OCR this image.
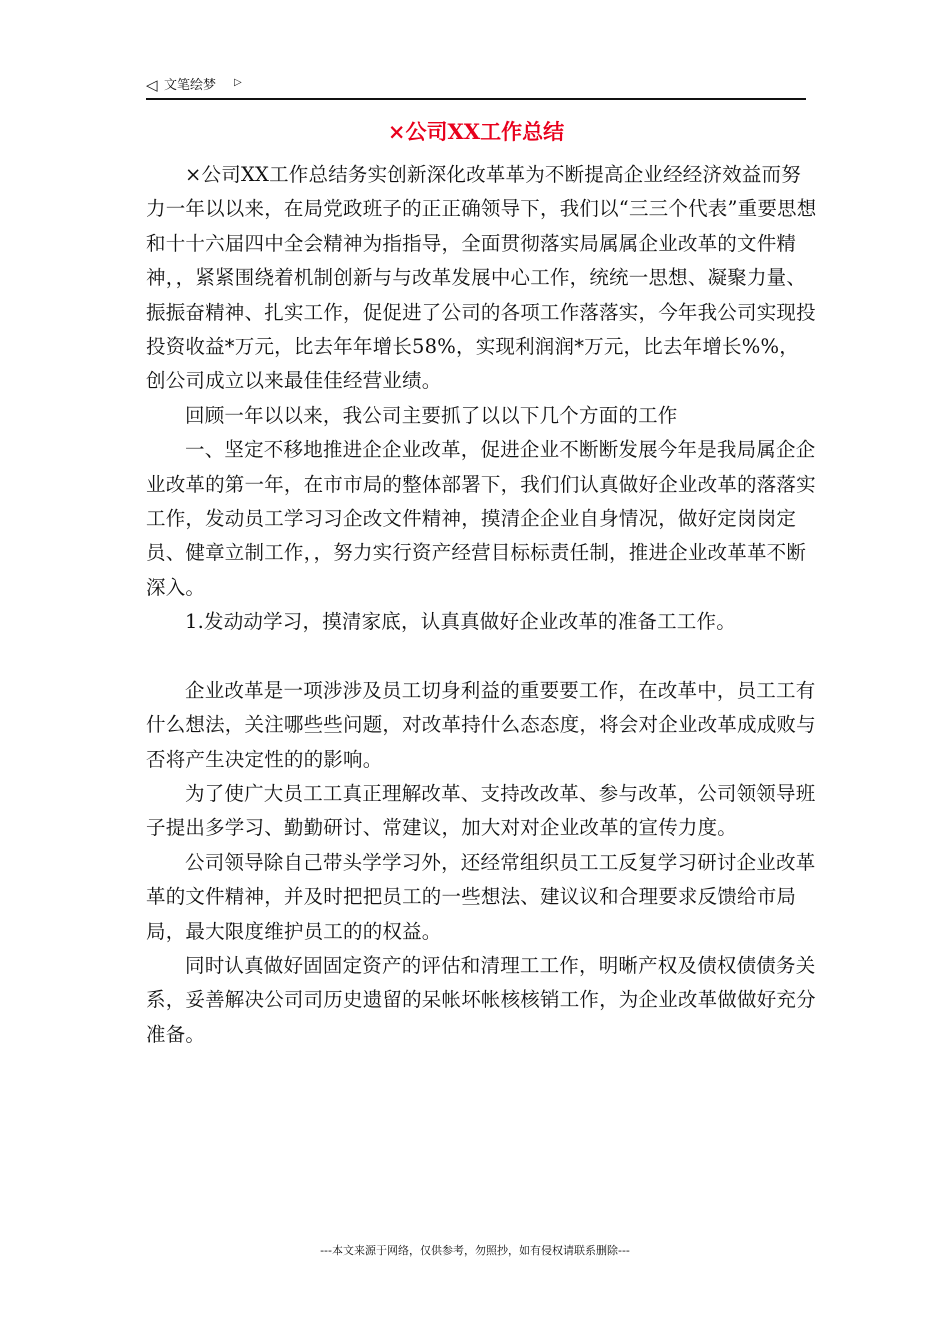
◁ 文笔绘梦 ▷
×公司XX工作总结

×公司XX工作总结务实创新深化改革革为不断提高企业经经济效益而努力一年以以来，在局党政班子的正正确领导下，我们以“三三个代表”重要思想和十十六届四中全会精神为指指导，全面贯彻落实局属属企业改革的文件精神，，紧紧围绕着机制创新与与改革发展中心工作，统统一思想、凝聚力量、振振奋精神、扎实工作，促促进了公司的各项工作落落实，今年我公司实现投投资收益*万元，比去年年增长58%，实现利润润*万元，比去年增长%%，创公司成立以来最佳佳经营业绩。

回顾一年以以来，我公司主要抓了以以下几个方面的工作

一、坚定不移地推进企企业改革，促进企业不断断发展今年是我局属企企业改革的第一年，在市市局的整体部署下，我们们认真做好企业改革的落落实工作，发动员工学习习企改文件精神，摸清企企业自身情况，做好定岗岗定员、健章立制工作，，努力实行资产经营目标标责任制，推进企业改革革不断深入。

1.发动动学习，摸清家底，认真真做好企业改革的准备工工作。

企业改革是一项涉涉及员工切身利益的重要要工作，在改革中，员工工有什么想法，关注哪些些问题，对改革持什么态态度，将会对企业改革成成败与否将产生决定性的的影响。

为了使广大员工工真正理解改革、支持改改革、参与改革，公司领领导班子提出多学习、勤勤研讨、常建议，加大对对企业改革的宣传力度。

公司领导除自己带头学学习外，还经常组织员工工反复学习研讨企业改革革的文件精神，并及时把把员工的一些想法、建议议和合理要求反馈给市局局，最大限度维护员工的的权益。

同时认真做好固固定资产的评估和清理工工作，明晰产权及债权债债务关系，妥善解决公司司历史遗留的呆帐坏帐核核销工作，为企业改革做做好充分准备。

---本文来源于网络，仅供参考，勿照抄，如有侵权请联系删除---
